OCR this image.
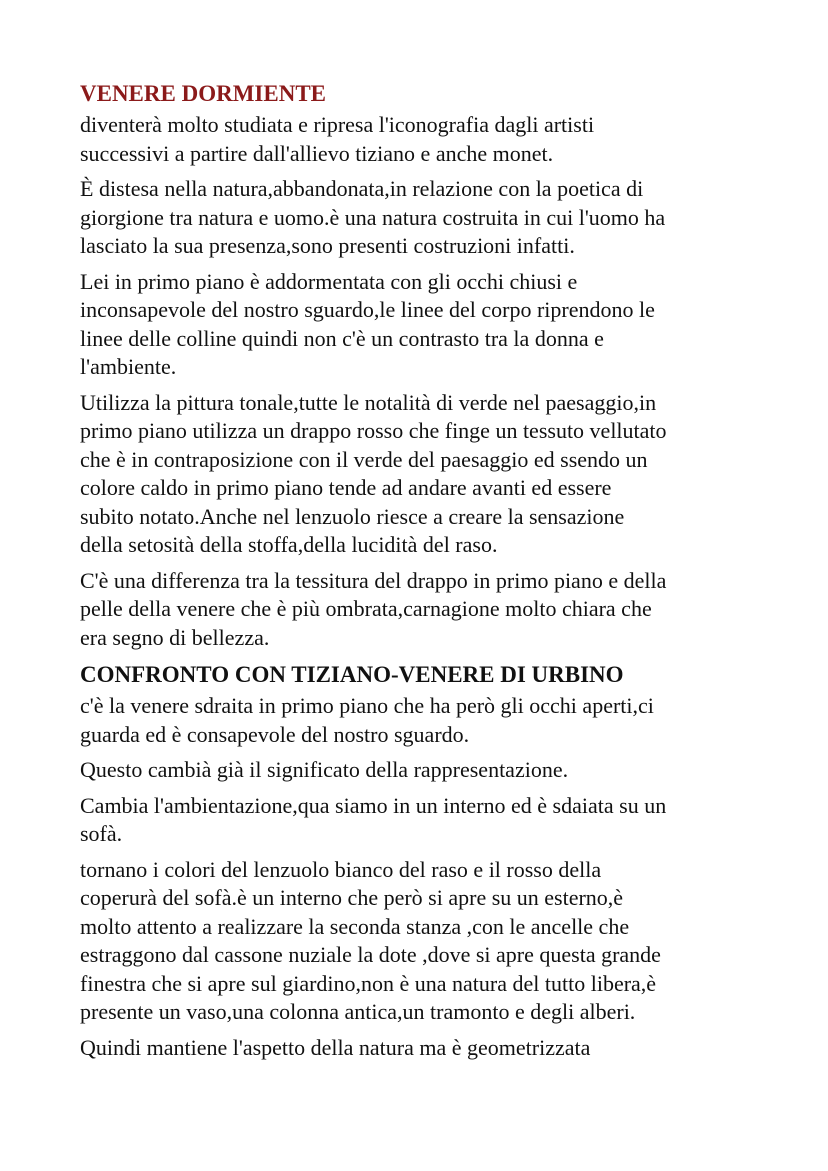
VENERE DORMIENTE

diventerà molto studiata e ripresa l'iconografia dagli artisti
successivi a partire dall'allievo tiziano e anche monet.

È distesa nella natura,abbandonata,in relazione con la poetica di
giorgione tra natura e uomo.è una natura costruita in cui l'uomo ha
lasciato la sua presenza,sono presenti costruzioni infatti.

Lei in primo piano è addormentata con gli occhi chiusi e
inconsapevole del nostro sguardo,le linee del corpo riprendono le
linee delle colline quindi non c'è un contrasto tra la donna e
l'ambiente.

Utilizza la pittura tonale,tutte le notalità di verde nel paesaggio,in
primo piano utilizza un drappo rosso che finge un tessuto vellutato
che è in contraposizione con il verde del paesaggio ed ssendo un
colore caldo in primo piano tende ad andare avanti ed essere
subito notato.Anche nel lenzuolo riesce a creare la sensazione
della setosità della stoffa,della lucidità del raso.

C'è una differenza tra la tessitura del drappo in primo piano e della
pelle della venere che è più ombrata,carnagione molto chiara che
era segno di bellezza.

CONFRONTO CON TIZIANO-VENERE DI URBINO

c'è la venere sdraita in primo piano che ha però gli occhi aperti,ci
guarda ed è consapevole del nostro sguardo.

Questo cambià già il significato della rappresentazione.

Cambia l'ambientazione,qua siamo in un interno ed è sdaiata su un
sofà.

tornano i colori del lenzuolo bianco del raso e il rosso della
coperurà del sofà.è un interno che però si apre su un esterno,è
molto attento a realizzare la seconda stanza ,con le ancelle che
estraggono dal cassone nuziale la dote ,dove si apre questa grande
finestra che si apre sul giardino,non è una natura del tutto libera,è
presente un vaso,una colonna antica,un tramonto e degli alberi.

Quindi mantiene l'aspetto della natura ma è geometrizzata
